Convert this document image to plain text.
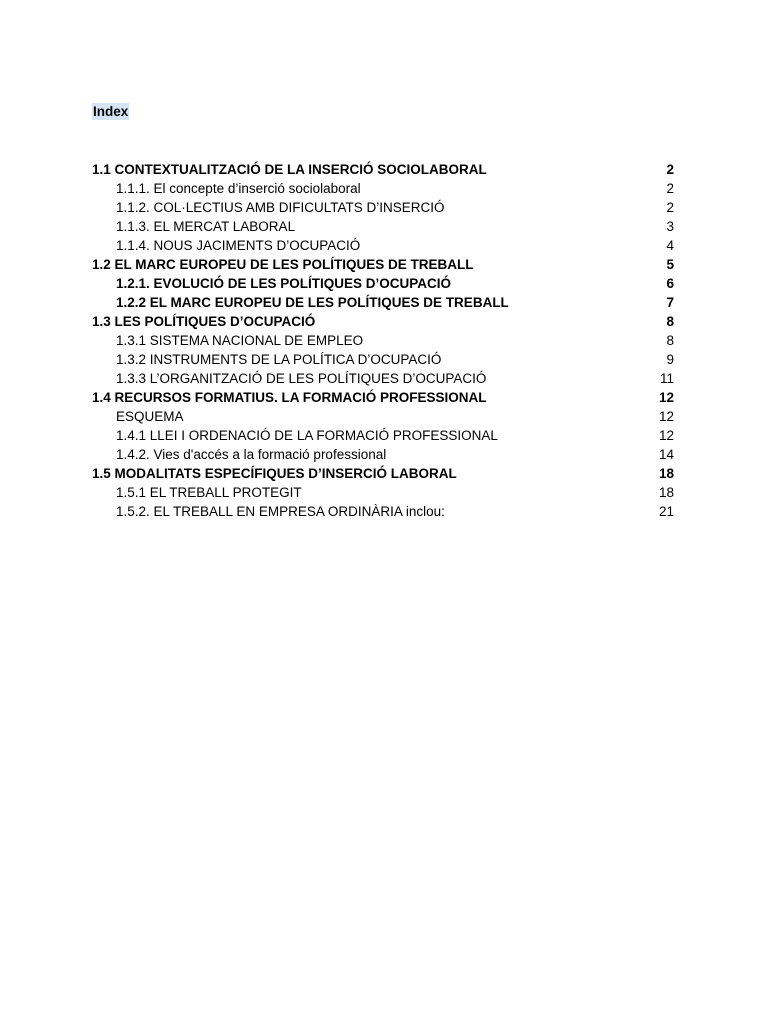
Index
1.1 CONTEXTUALITZACIÓ DE LA INSERCIÓ SOCIOLABORAL	2
1.1.1. El concepte d’inserció sociolaboral	2
1.1.2. COL·LECTIUS AMB DIFICULTATS D’INSERCIÓ	2
1.1.3. EL MERCAT LABORAL	3
1.1.4. NOUS JACIMENTS D’OCUPACIÓ	4
1.2 EL MARC EUROPEU DE LES POLÍTIQUES DE TREBALL	5
1.2.1. EVOLUCIÓ DE LES POLÍTIQUES D’OCUPACIÓ	6
1.2.2 EL MARC EUROPEU DE LES POLÍTIQUES DE TREBALL	7
1.3 LES POLÍTIQUES D’OCUPACIÓ	8
1.3.1 SISTEMA NACIONAL DE EMPLEO	8
1.3.2 INSTRUMENTS DE LA POLÍTICA D’OCUPACIÓ	9
1.3.3 L’ORGANITZACIÓ DE LES POLÍTIQUES D’OCUPACIÓ	11
1.4 RECURSOS FORMATIUS. LA FORMACIÓ PROFESSIONAL	12
ESQUEMA	12
1.4.1 LLEI I ORDENACIÓ DE LA FORMACIÓ PROFESSIONAL	12
1.4.2. Vies d'accés a la formació professional	14
1.5 MODALITATS ESPECÍFIQUES D’INSERCIÓ LABORAL	18
1.5.1 EL TREBALL PROTEGIT	18
1.5.2. EL TREBALL EN EMPRESA ORDINÀRIA inclou:	21
